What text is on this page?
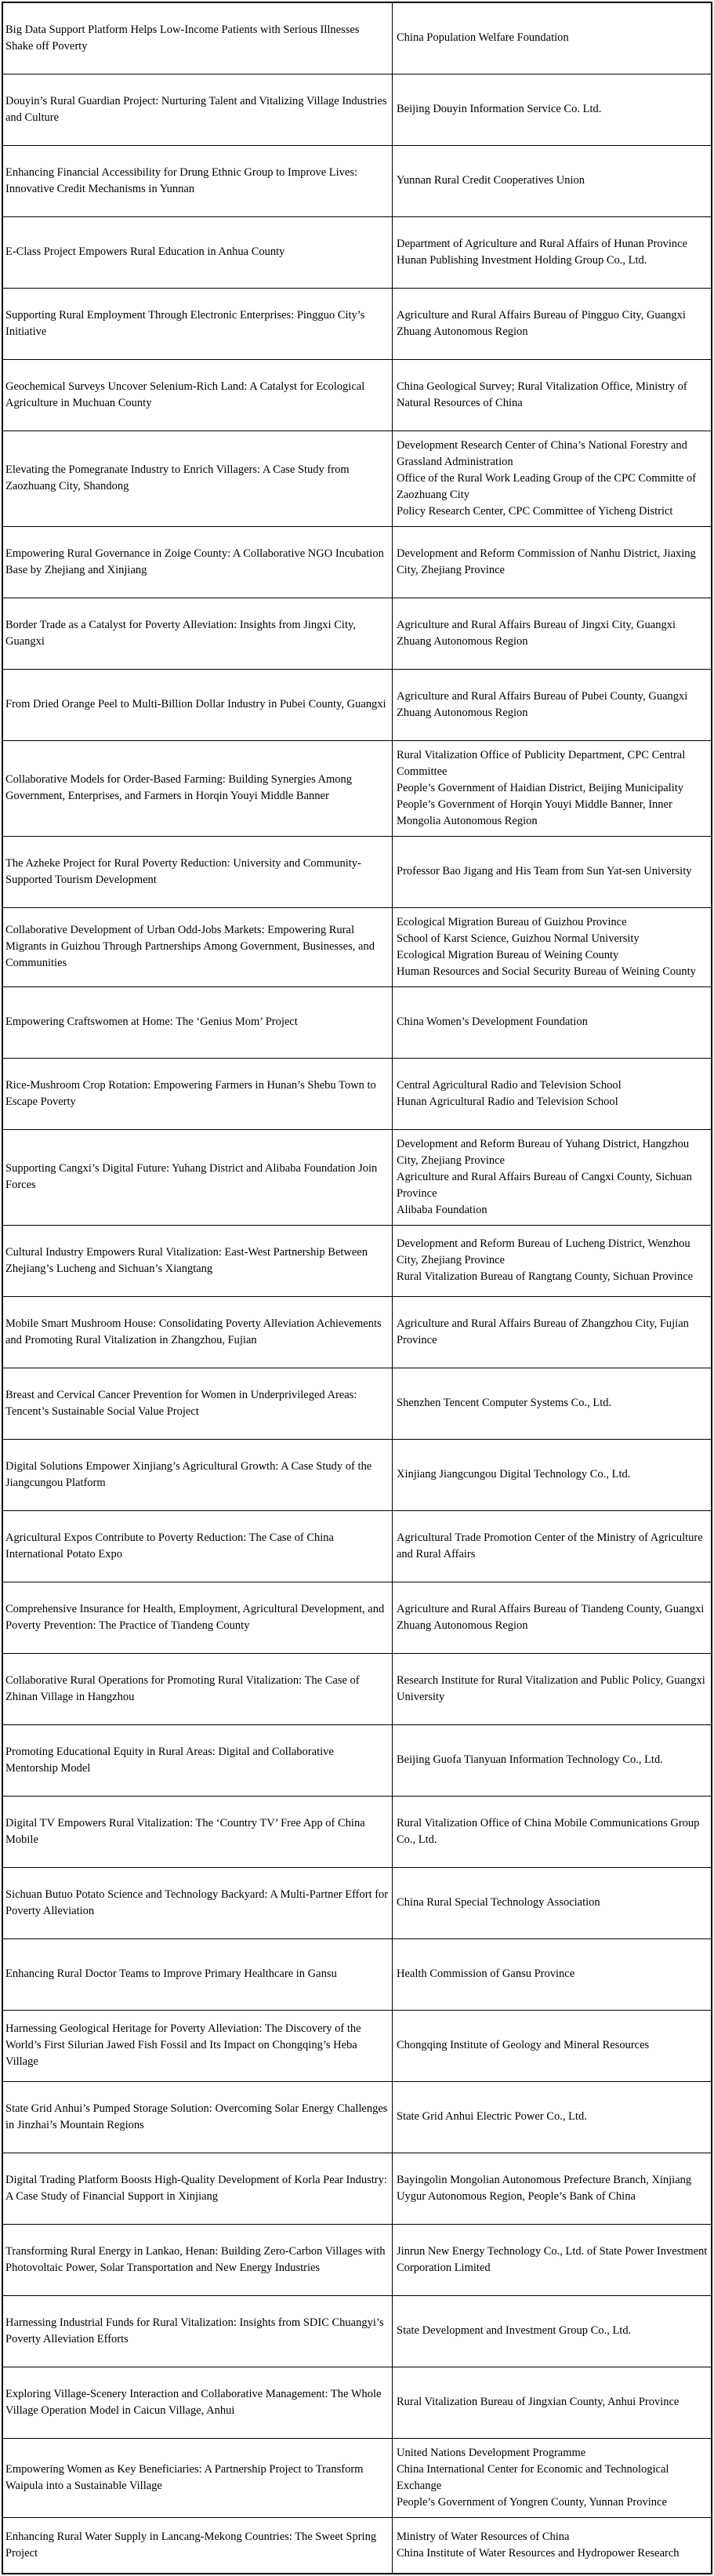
Big Data Support Platform Helps Low-Income Patients with Serious Illnesses Shake off Poverty	China Population Welfare Foundation

Douyin’s Rural Guardian Project: Nurturing Talent and Vitalizing Village Industries and Culture	Beijing Douyin Information Service Co. Ltd.

Enhancing Financial Accessibility for Drung Ethnic Group to Improve Lives: Innovative Credit Mechanisms in Yunnan	Yunnan Rural Credit Cooperatives Union

E-Class Project Empowers Rural Education in Anhua County	Department of Agriculture and Rural Affairs of Hunan Province
Hunan Publishing Investment Holding Group Co., Ltd.

Supporting Rural Employment Through Electronic Enterprises: Pingguo City’s Initiative	Agriculture and Rural Affairs Bureau of Pingguo City, Guangxi Zhuang Autonomous Region

Geochemical Surveys Uncover Selenium-Rich Land: A Catalyst for Ecological Agriculture in Muchuan County	China Geological Survey; Rural Vitalization Office, Ministry of Natural Resources of China

Elevating the Pomegranate Industry to Enrich Villagers: A Case Study from Zaozhuang City, Shandong	Development Research Center of China’s National Forestry and Grassland Administration
Office of the Rural Work Leading Group of the CPC Committe of Zaozhuang City
Policy Research Center, CPC Committee of Yicheng District

Empowering Rural Governance in Zoige County: A Collaborative NGO Incubation Base by Zhejiang and Xinjiang	Development and Reform Commission of Nanhu District, Jiaxing City, Zhejiang Province

Border Trade as a Catalyst for Poverty Alleviation: Insights from Jingxi City, Guangxi	Agriculture and Rural Affairs Bureau of Jingxi City, Guangxi Zhuang Autonomous Region

From Dried Orange Peel to Multi-Billion Dollar Industry in Pubei County, Guangxi	Agriculture and Rural Affairs Bureau of Pubei County, Guangxi Zhuang Autonomous Region

Collaborative Models for Order-Based Farming: Building Synergies Among Government, Enterprises, and Farmers in Horqin Youyi Middle Banner	Rural Vitalization Office of Publicity Department, CPC Central Committee
People’s Government of Haidian District, Beijing Municipality
People’s Government of Horqin Youyi Middle Banner, Inner Mongolia Autonomous Region

The Azheke Project for Rural Poverty Reduction: University and Community-Supported Tourism Development	Professor Bao Jigang and His Team from Sun Yat-sen University

Collaborative Development of Urban Odd-Jobs Markets: Empowering Rural Migrants in Guizhou Through Partnerships Among Government, Businesses, and Communities	Ecological Migration Bureau of Guizhou Province
School of Karst Science, Guizhou Normal University
Ecological Migration Bureau of Weining County
Human Resources and Social Security Bureau of Weining County

Empowering Craftswomen at Home: The ‘Genius Mom’ Project	China Women’s Development Foundation

Rice-Mushroom Crop Rotation: Empowering Farmers in Hunan’s Shebu Town to Escape Poverty	Central Agricultural Radio and Television School
Hunan Agricultural Radio and Television School

Supporting Cangxi’s Digital Future: Yuhang District and Alibaba Foundation Join Forces	Development and Reform Bureau of Yuhang District, Hangzhou City, Zhejiang Province
Agriculture and Rural Affairs Bureau of Cangxi County, Sichuan Province
Alibaba Foundation

Cultural Industry Empowers Rural Vitalization: East-West Partnership Between Zhejiang’s Lucheng and Sichuan’s Xiangtang	Development and Reform Bureau of Lucheng District, Wenzhou City, Zhejiang Province
Rural Vitalization Bureau of Rangtang County, Sichuan Province

Mobile Smart Mushroom House: Consolidating Poverty Alleviation Achievements and Promoting Rural Vitalization in Zhangzhou, Fujian	Agriculture and Rural Affairs Bureau of Zhangzhou City, Fujian Province

Breast and Cervical Cancer Prevention for Women in Underprivileged Areas: Tencent’s Sustainable Social Value Project	Shenzhen Tencent Computer Systems Co., Ltd.

Digital Solutions Empower Xinjiang’s Agricultural Growth: A Case Study of the Jiangcungou Platform	Xinjiang Jiangcungou Digital Technology Co., Ltd.

Agricultural Expos Contribute to Poverty Reduction: The Case of China International Potato Expo	Agricultural Trade Promotion Center of the Ministry of Agriculture and Rural Affairs

Comprehensive Insurance for Health, Employment, Agricultural Development, and Poverty Prevention: The Practice of Tiandeng County	Agriculture and Rural Affairs Bureau of Tiandeng County, Guangxi Zhuang Autonomous Region

Collaborative Rural Operations for Promoting Rural Vitalization: The Case of Zhinan Village in Hangzhou	Research Institute for Rural Vitalization and Public Policy, Guangxi University

Promoting Educational Equity in Rural Areas: Digital and Collaborative Mentorship Model	Beijing Guofa Tianyuan Information Technology Co., Ltd.

Digital TV Empowers Rural Vitalization: The ‘Country TV’ Free App of China Mobile	Rural Vitalization Office of China Mobile Communications Group Co., Ltd.

Sichuan Butuo Potato Science and Technology Backyard: A Multi-Partner Effort for Poverty Alleviation	China Rural Special Technology Association

Enhancing Rural Doctor Teams to Improve Primary Healthcare in Gansu	Health Commission of Gansu Province

Harnessing Geological Heritage for Poverty Alleviation: The Discovery of the World’s First Silurian Jawed Fish Fossil and Its Impact on Chongqing’s Heba Village	Chongqing Institute of Geology and Mineral Resources

State Grid Anhui’s Pumped Storage Solution: Overcoming Solar Energy Challenges in Jinzhai’s Mountain Regions	State Grid Anhui Electric Power Co., Ltd.

Digital Trading Platform Boosts High-Quality Development of Korla Pear Industry: A Case Study of Financial Support in Xinjiang	Bayingolin Mongolian Autonomous Prefecture Branch, Xinjiang Uygur Autonomous Region, People’s Bank of China

Transforming Rural Energy in Lankao, Henan: Building Zero-Carbon Villages with Photovoltaic Power, Solar Transportation and New Energy Industries	Jinrun New Energy Technology Co., Ltd. of State Power Investment Corporation Limited

Harnessing Industrial Funds for Rural Vitalization: Insights from SDIC Chuangyi’s Poverty Alleviation Efforts	State Development and Investment Group Co., Ltd.

Exploring Village-Scenery Interaction and Collaborative Management: The Whole Village Operation Model in Caicun Village, Anhui	Rural Vitalization Bureau of Jingxian County, Anhui Province

Empowering Women as Key Beneficiaries: A Partnership Project to Transform Waipula into a Sustainable Village	United Nations Development Programme
China International Center for Economic and Technological Exchange
People’s Government of Yongren County, Yunnan Province

Enhancing Rural Water Supply in Lancang-Mekong Countries: The Sweet Spring Project	Ministry of Water Resources of China
China Institute of Water Resources and Hydropower Research
